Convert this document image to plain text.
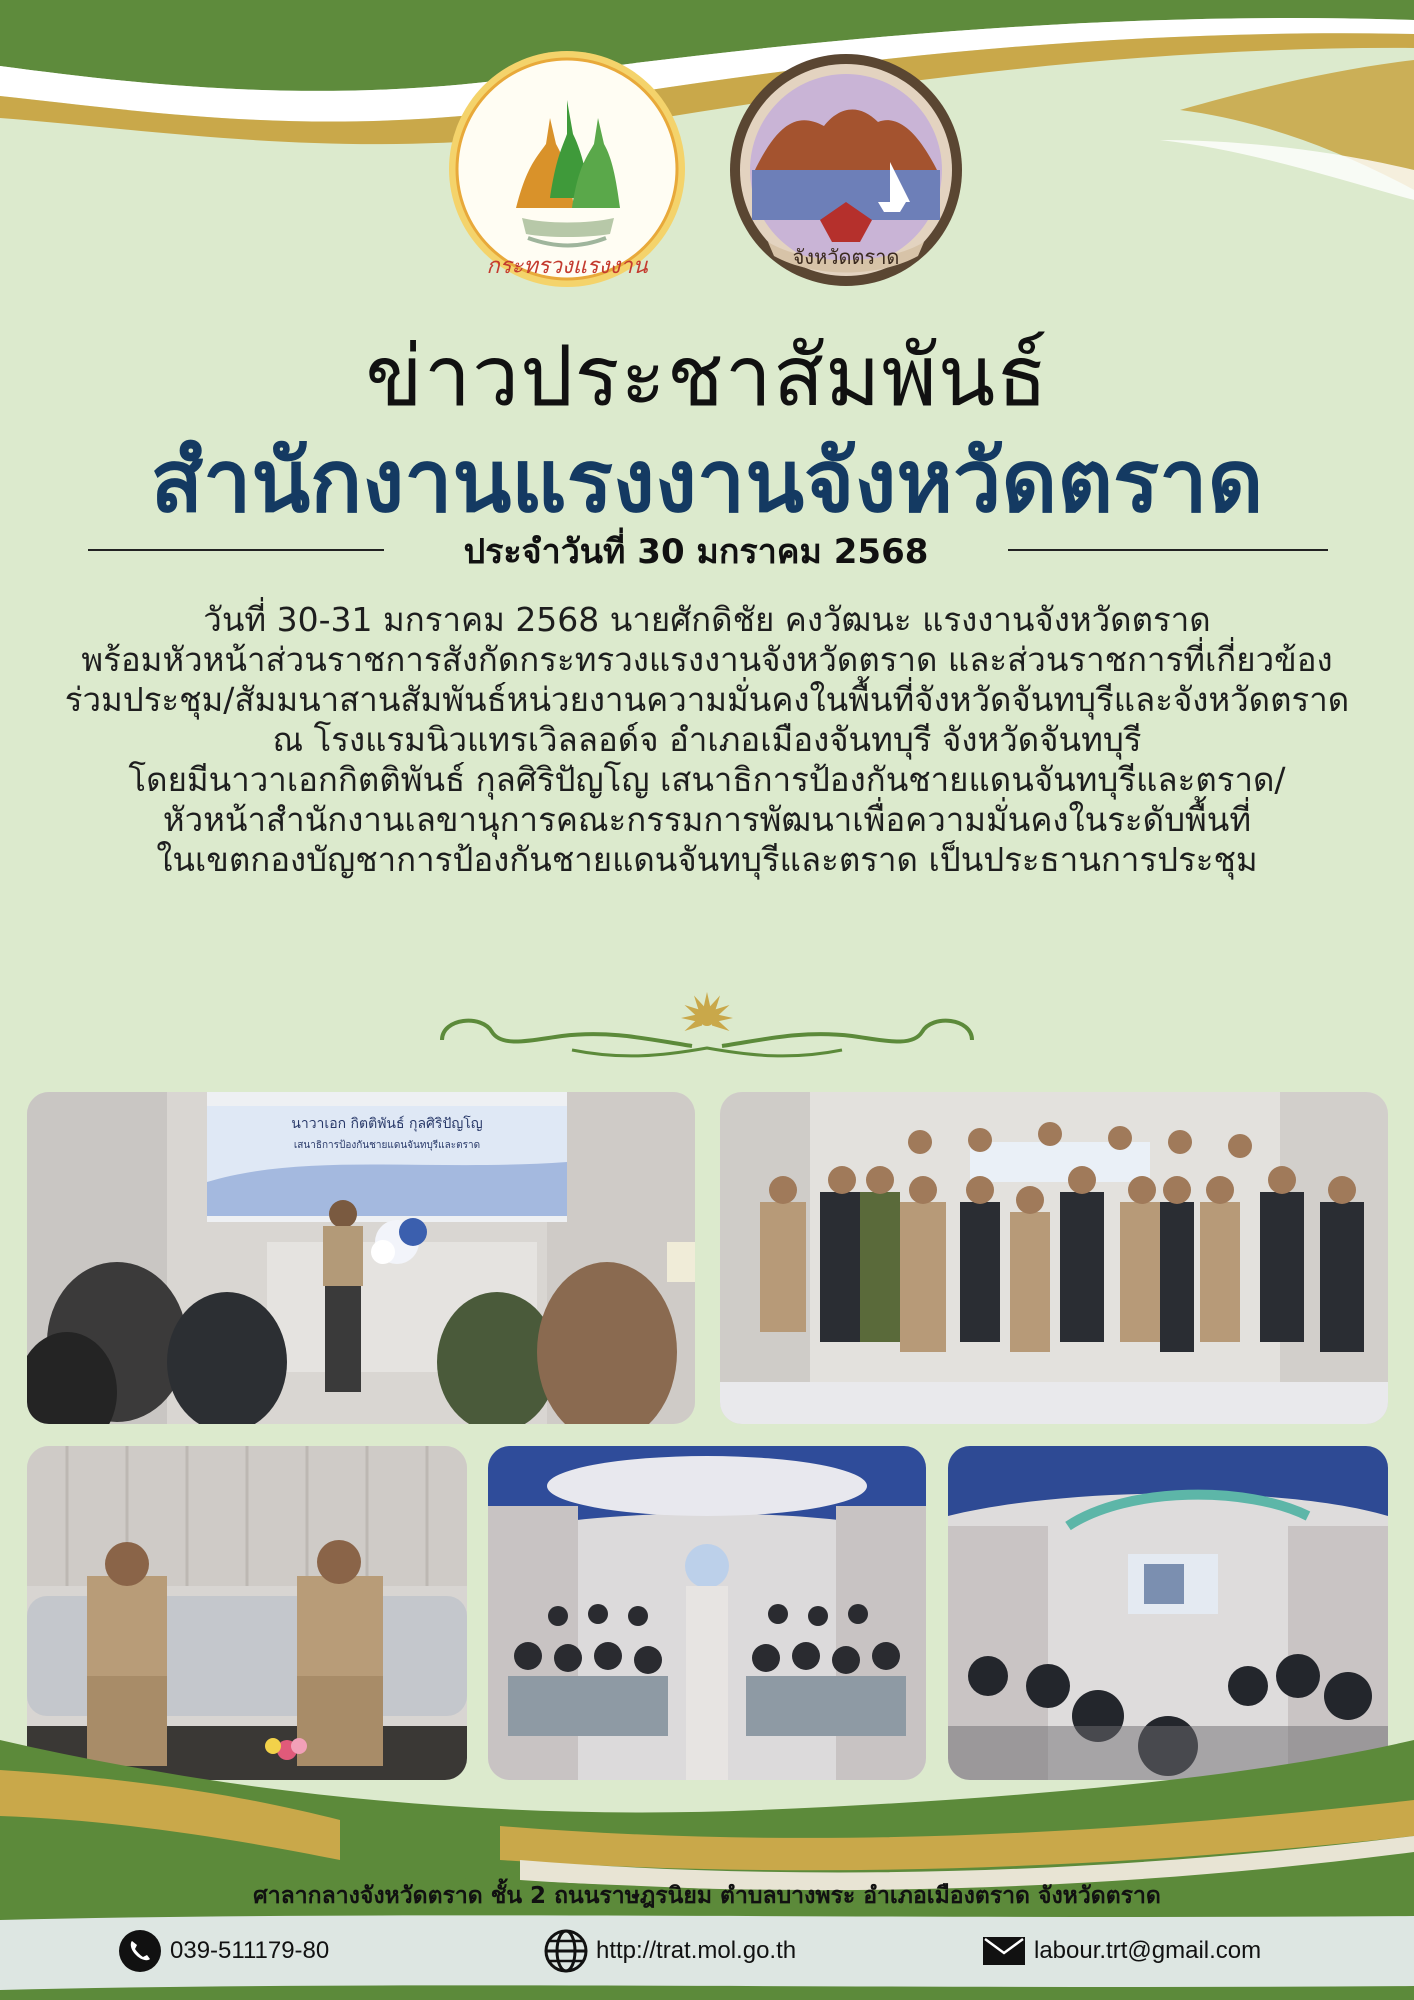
กระทรวงแรงงาน	จังหวัดตราด
ข่าวประชาสัมพันธ์
สำนักงานแรงงานจังหวัดตราด
ประจำวันที่ 30 มกราคม 2568
วันที่ 30-31 มกราคม 2568 นายศักดิชัย คงวัฒนะ แรงงานจังหวัดตราด
พร้อมหัวหน้าส่วนราชการสังกัดกระทรวงแรงงานจังหวัดตราด และส่วนราชการที่เกี่ยวข้อง
ร่วมประชุม/สัมมนาสานสัมพันธ์หน่วยงานความมั่นคงในพื้นที่จังหวัดจันทบุรีและจังหวัดตราด
ณ โรงแรมนิวแทรเวิลลอด์จ อำเภอเมืองจันทบุรี จังหวัดจันทบุรี
โดยมีนาวาเอกกิตติพันธ์ กุลศิริปัญโญ เสนาธิการป้องกันชายแดนจันทบุรีและตราด/
หัวหน้าสำนักงานเลขานุการคณะกรรมการพัฒนาเพื่อความมั่นคงในระดับพื้นที่
ในเขตกองบัญชาการป้องกันชายแดนจันทบุรีและตราด เป็นประธานการประชุม
นาวาเอก กิตติพันธ์ กุลศิริปัญโญ
เสนาธิการป้องกันชายแดนจันทบุรีและตราด
ศาลากลางจังหวัดตราด ชั้น 2 ถนนราษฎรนิยม ตำบลบางพระ อำเภอเมืองตราด จังหวัดตราด
039-511179-80	http://trat.mol.go.th	labour.trt@gmail.com
